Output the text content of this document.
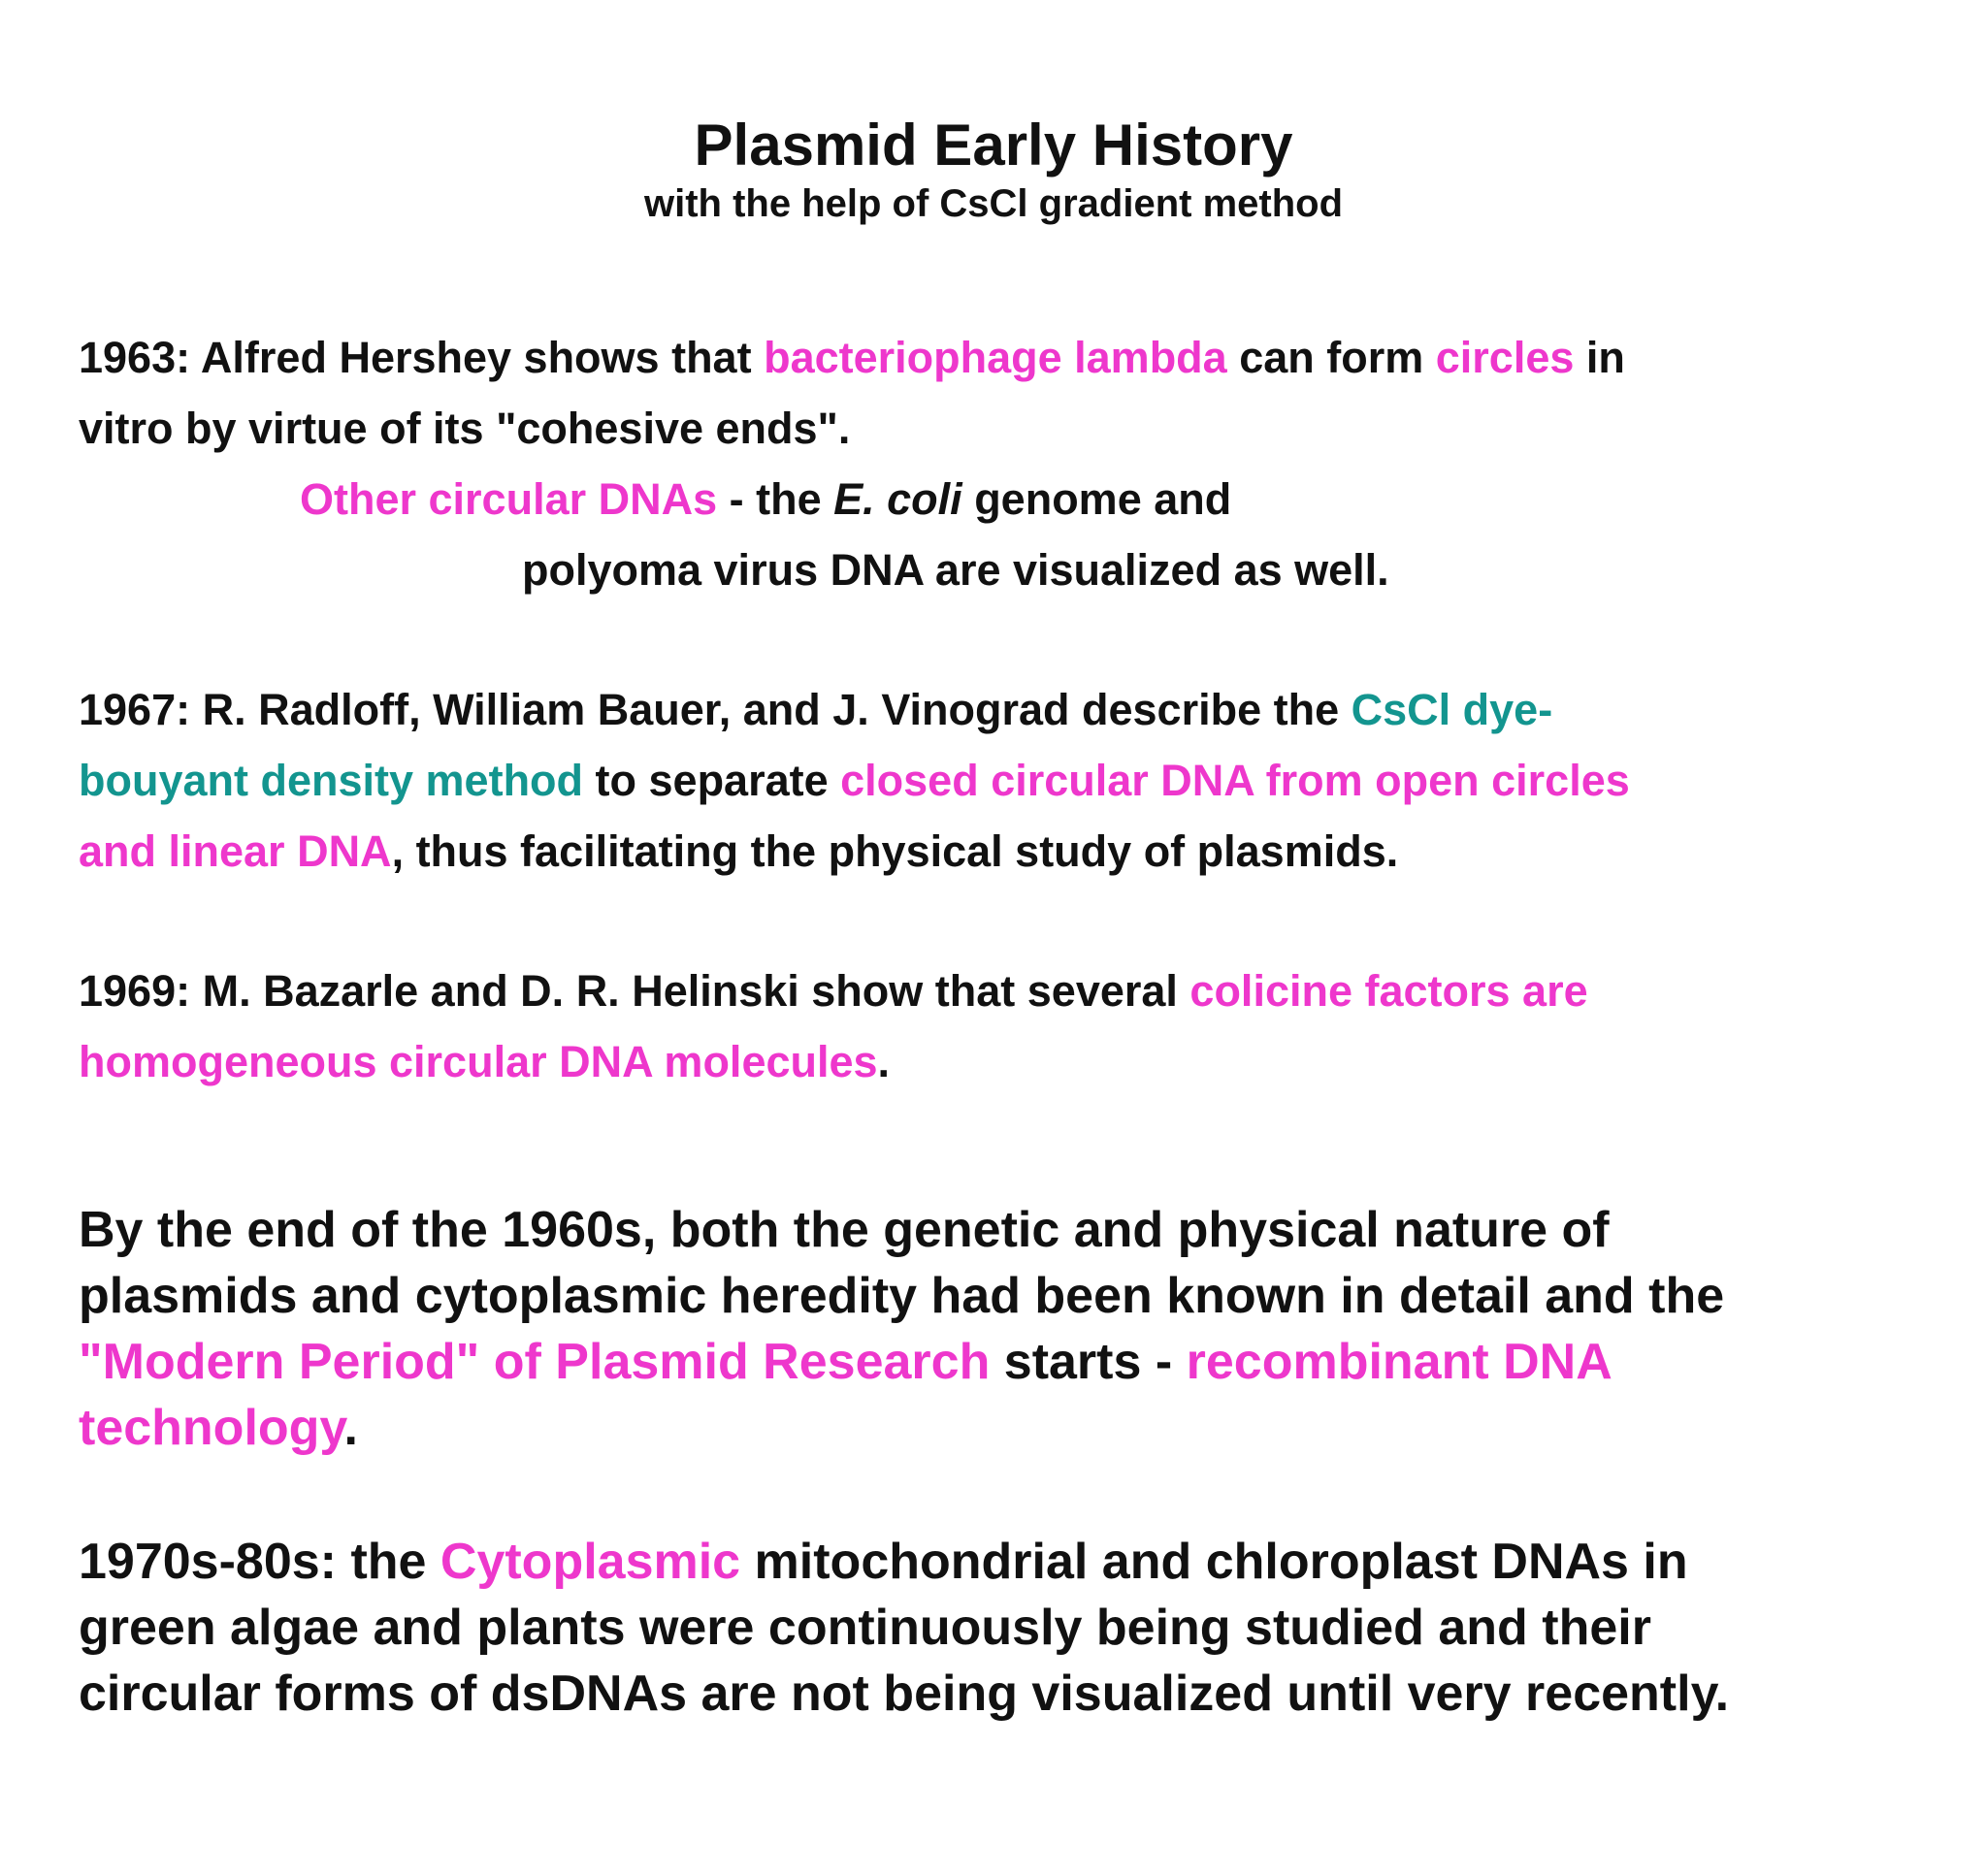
Plasmid Early History
with the help of CsCl gradient method
1963: Alfred Hershey shows that bacteriophage lambda can form circles in
vitro by virtue of its "cohesive ends".
Other circular DNAs - the E. coli genome and
polyoma virus DNA are visualized as well.
1967: R. Radloff, William Bauer, and J. Vinograd describe the CsCl dye-
bouyant density method to separate closed circular DNA from open circles
and linear DNA, thus facilitating the physical study of plasmids.
1969: M. Bazarle and D. R. Helinski show that several colicine factors are
homogeneous circular DNA molecules.
By the end of the 1960s, both the genetic and physical nature of
plasmids and cytoplasmic heredity had been known in detail and the
"Modern Period" of Plasmid Research starts - recombinant DNA
technology.
1970s-80s: the Cytoplasmic mitochondrial and chloroplast DNAs in
green algae and plants were continuously being studied and their
circular forms of dsDNAs are not being visualized until very recently.
